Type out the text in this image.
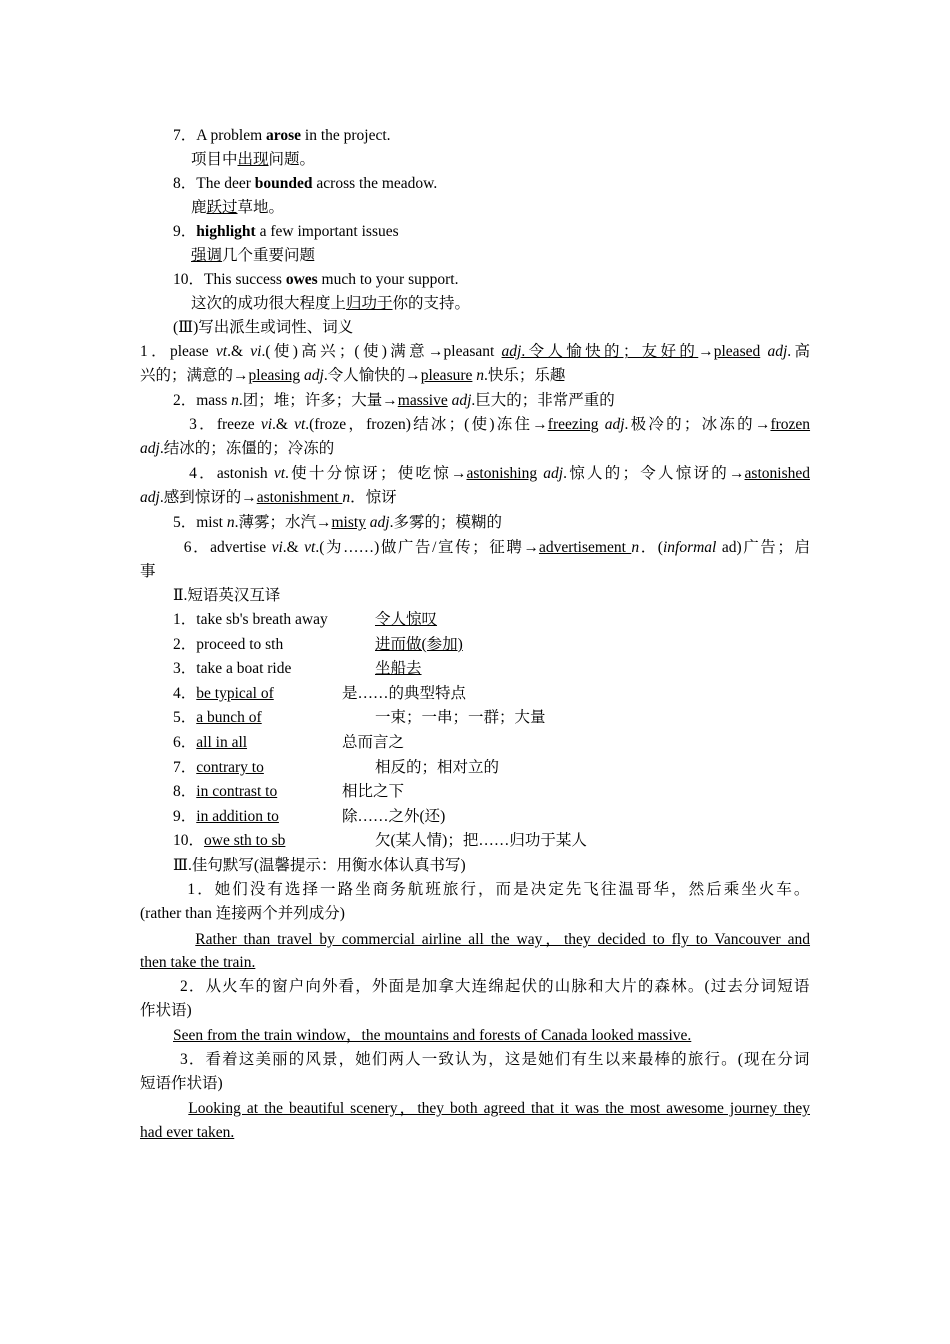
7．A problem arose in the project.
项目中出现问题。
8．The deer bounded across the meadow.
鹿跃过草地。
9．highlight a few important issues
强调几个重要问题
10．This success owes much to your support.
这次的成功很大程度上归功于你的支持。
(Ⅲ)写出派生或词性、词义
1．please vt.& vi.(使)高兴；(使)满意→pleasant adj.令人愉快的；友好的→pleased adj.高
兴的；满意的→pleasing adj.令人愉快的→pleasure n.快乐；乐趣
2．mass n.团；堆；许多；大量→massive adj.巨大的；非常严重的
3．freeze vi.& vt.(froze，frozen)结冰；(使)冻住→freezing adj.极冷的；冰冻的→frozen
adj.结冰的；冻僵的；冷冻的
4．astonish vt.使十分惊讶；使吃惊→astonishing adj.惊人的；令人惊讶的→astonished
adj.感到惊讶的→astonishment n．惊讶
5．mist n.薄雾；水汽→misty adj.多雾的；模糊的
6．advertise vi.& vt.(为……)做广告/宣传；征聘→advertisement n．(informal ad)广告；启
事
Ⅱ.短语英汉互译
1．take sb's breath away	令人惊叹
2．proceed to sth	进而做(参加)
3．take a boat ride	坐船去
4．be typical of	是……的典型特点
5．a bunch of	一束；一串；一群；大量
6．all in all	总而言之
7．contrary to	相反的；相对立的
8．in contrast to	相比之下
9．in addition to	除……之外(还)
10．owe sth to sb	欠(某人情)；把……归功于某人
Ⅲ.佳句默写(温馨提示：用衡水体认真书写)
1．她们没有选择一路坐商务航班旅行，而是决定先飞往温哥华，然后乘坐火车。
(rather than 连接两个并列成分)
Rather than travel by commercial airline all the way，they decided to fly to Vancouver and
then take the train.
2．从火车的窗户向外看，外面是加拿大连绵起伏的山脉和大片的森林。(过去分词短语
作状语)
Seen from the train window，the mountains and forests of Canada looked massive.
3．看着这美丽的风景，她们两人一致认为，这是她们有生以来最棒的旅行。(现在分词
短语作状语)
Looking at the beautiful scenery，they both agreed that it was the most awesome journey they
had ever taken.
